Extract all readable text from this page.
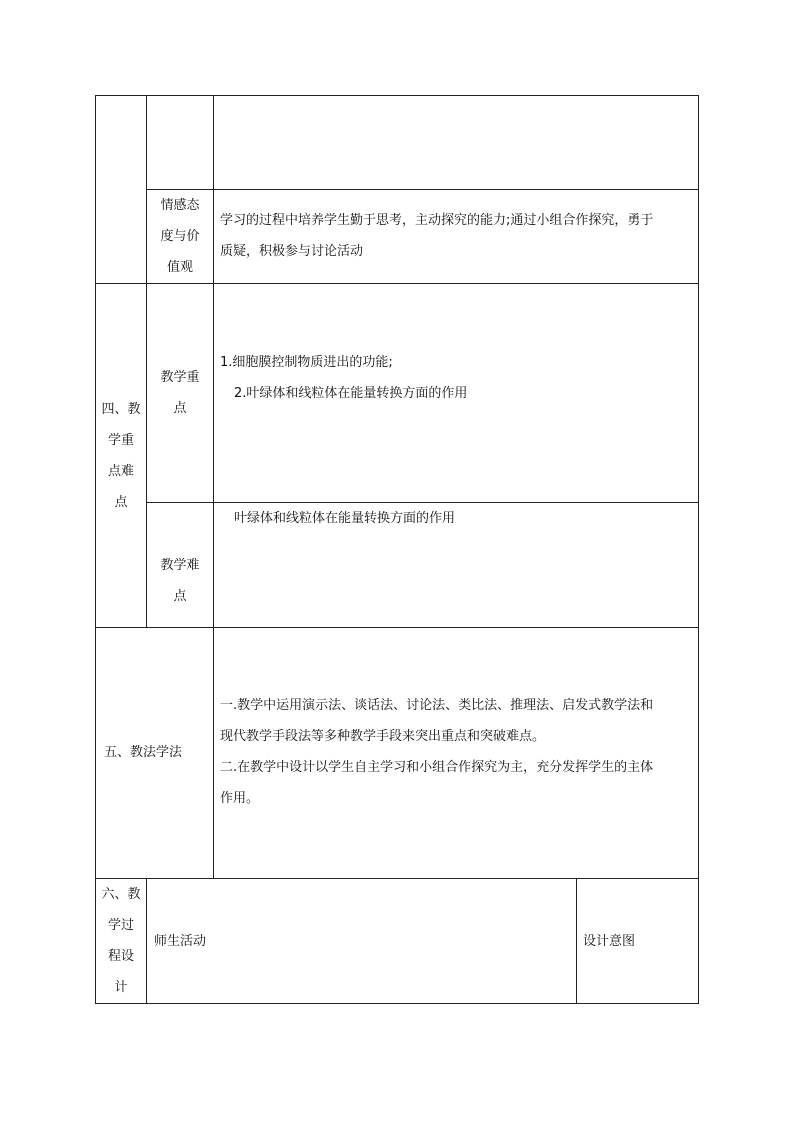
情感态
度与价
值观
学习的过程中培养学生勤于思考，主动探究的能力;通过小组合作探究，勇于
质疑，积极参与讨论活动
四、教
学重
点难
点
教学重
点
1.细胞膜控制物质进出的功能;
2.叶绿体和线粒体在能量转换方面的作用
教学难
点
叶绿体和线粒体在能量转换方面的作用
五、教法学法
一.教学中运用演示法、谈话法、讨论法、类比法、推理法、启发式教学法和
现代教学手段法等多种教学手段来突出重点和突破难点。
二.在教学中设计以学生自主学习和小组合作探究为主，充分发挥学生的主体
作用。
六、教
学过
程设
计
师生活动	设计意图
